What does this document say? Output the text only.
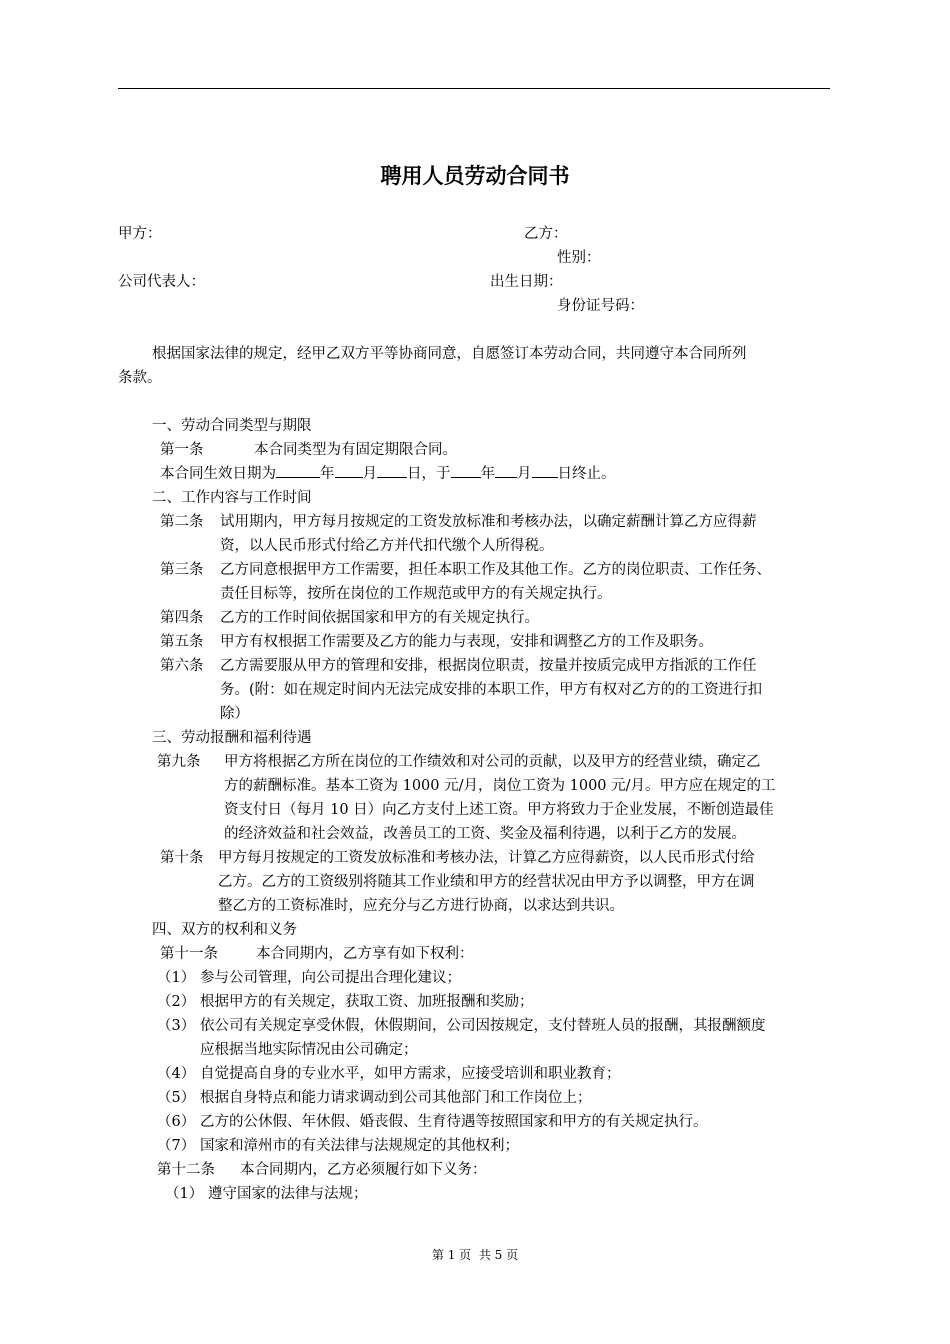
聘用人员劳动合同书
甲方：	乙方：
性别：
公司代表人：	出生日期：
身份证号码：
根据国家法律的规定，经甲乙双方平等协商同意，自愿签订本劳动合同，共同遵守本合同所列
条款。
一、劳动合同类型与期限
第一条	本合同类型为有固定期限合同。
本合同生效日期为	年 月 日，于 年 月 日终止。
二、工作内容与工作时间
第二条 试用期内，甲方每月按规定的工资发放标准和考核办法，以确定薪酬计算乙方应得薪
资，以人民币形式付给乙方并代扣代缴个人所得税。
第三条 乙方同意根据甲方工作需要，担任本职工作及其他工作。乙方的岗位职责、工作任务、
责任目标等，按所在岗位的工作规范或甲方的有关规定执行。
第四条 乙方的工作时间依据国家和甲方的有关规定执行。
第五条 甲方有权根据工作需要及乙方的能力与表现，安排和调整乙方的工作及职务。
第六条 乙方需要服从甲方的管理和安排，根据岗位职责，按量并按质完成甲方指派的工作任
务。(附：如在规定时间内无法完成安排的本职工作，甲方有权对乙方的的工资进行扣
除）
三、劳动报酬和福利待遇
第九条 甲方将根据乙方所在岗位的工作绩效和对公司的贡献，以及甲方的经营业绩，确定乙
方的薪酬标准。基本工资为 1000 元/月，岗位工资为 1000 元/月。甲方应在规定的工
资支付日（每月 10 日）向乙方支付上述工资。甲方将致力于企业发展，不断创造最佳
的经济效益和社会效益，改善员工的工资、奖金及福利待遇，以利于乙方的发展。
第十条 甲方每月按规定的工资发放标准和考核办法，计算乙方应得薪资，以人民币形式付给
乙方。乙方的工资级别将随其工作业绩和甲方的经营状况由甲方予以调整，甲方在调
整乙方的工资标准时，应充分与乙方进行协商，以求达到共识。
四、双方的权利和义务
第十一条	本合同期内，乙方享有如下权利：
（1） 参与公司管理，向公司提出合理化建议；
（2） 根据甲方的有关规定，获取工资、加班报酬和奖励；
（3） 依公司有关规定享受休假，休假期间，公司因按规定，支付替班人员的报酬，其报酬额度
应根据当地实际情况由公司确定；
（4） 自觉提高自身的专业水平，如甲方需求，应接受培训和职业教育；
（5） 根据自身特点和能力请求调动到公司其他部门和工作岗位上；
（6） 乙方的公休假、年休假、婚丧假、生育待遇等按照国家和甲方的有关规定执行。
（7） 国家和漳州市的有关法律与法规规定的其他权利；
第十二条 本合同期内，乙方必须履行如下义务：
（1） 遵守国家的法律与法规；
第 1 页 共 5 页
